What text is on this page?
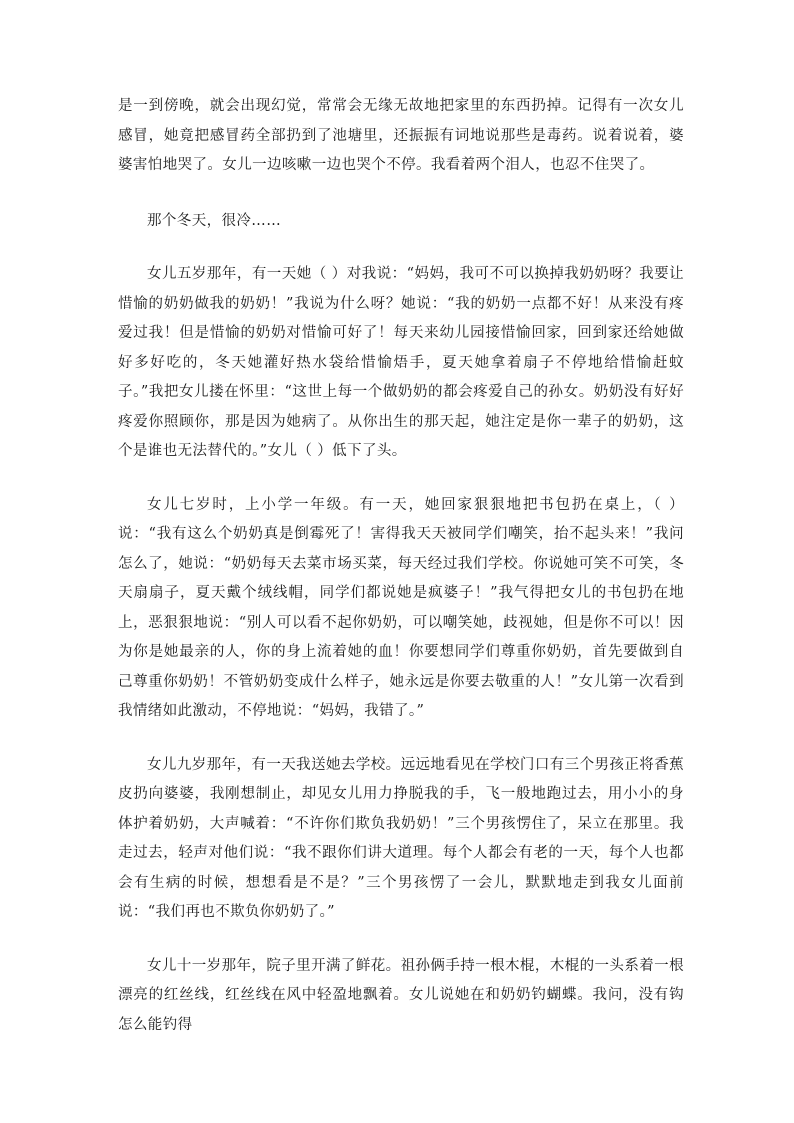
是一到傍晚，就会出现幻觉，常常会无缘无故地把家里的东西扔掉。记得有一次女儿感冒，她竟把感冒药全部扔到了池塘里，还振振有词地说那些是毒药。说着说着，婆婆害怕地哭了。女儿一边咳嗽一边也哭个不停。我看着两个泪人，也忍不住哭了。

那个冬天，很冷……

女儿五岁那年，有一天她（ ）对我说：“妈妈，我可不可以换掉我奶奶呀？我要让惜愉的奶奶做我的奶奶！”我说为什么呀？她说：“我的奶奶一点都不好！从来没有疼爱过我！但是惜愉的奶奶对惜愉可好了！每天来幼儿园接惜愉回家，回到家还给她做好多好吃的，冬天她灌好热水袋给惜愉焐手，夏天她拿着扇子不停地给惜愉赶蚊子。”我把女儿搂在怀里：“这世上每一个做奶奶的都会疼爱自己的孙女。奶奶没有好好疼爱你照顾你，那是因为她病了。从你出生的那天起，她注定是你一辈子的奶奶，这个是谁也无法替代的。”女儿（ ）低下了头。

女儿七岁时，上小学一年级。有一天，她回家狠狠地把书包扔在桌上，（ ）说：“我有这么个奶奶真是倒霉死了！害得我天天被同学们嘲笑，抬不起头来！”我问怎么了，她说：“奶奶每天去菜市场买菜，每天经过我们学校。你说她可笑不可笑，冬天扇扇子，夏天戴个绒线帽，同学们都说她是疯婆子！”我气得把女儿的书包扔在地上，恶狠狠地说：“别人可以看不起你奶奶，可以嘲笑她，歧视她，但是你不可以！因为你是她最亲的人，你的身上流着她的血！你要想同学们尊重你奶奶，首先要做到自己尊重你奶奶！不管奶奶变成什么样子，她永远是你要去敬重的人！”女儿第一次看到我情绪如此激动，不停地说：“妈妈，我错了。”

女儿九岁那年，有一天我送她去学校。远远地看见在学校门口有三个男孩正将香蕉皮扔向婆婆，我刚想制止，却见女儿用力挣脱我的手，飞一般地跑过去，用小小的身体护着奶奶，大声喊着：“不许你们欺负我奶奶！”三个男孩愣住了，呆立在那里。我走过去，轻声对他们说：“我不跟你们讲大道理。每个人都会有老的一天，每个人也都会有生病的时候，想想看是不是？”三个男孩愣了一会儿，默默地走到我女儿面前说：“我们再也不欺负你奶奶了。”

女儿十一岁那年，院子里开满了鲜花。祖孙俩手持一根木棍，木棍的一头系着一根漂亮的红丝线，红丝线在风中轻盈地飘着。女儿说她在和奶奶钓蝴蝶。我问，没有钩怎么能钓得
